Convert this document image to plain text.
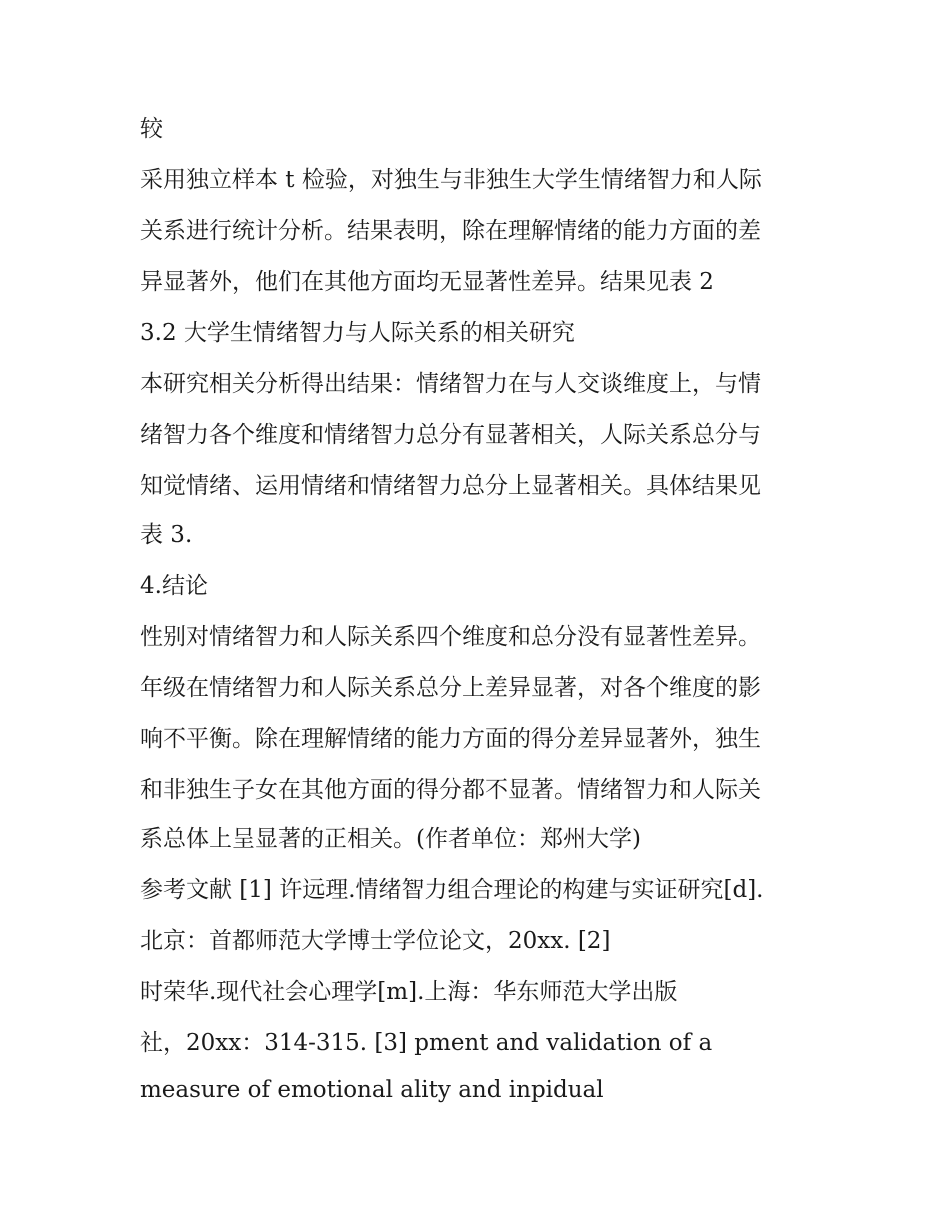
较
采用独立样本 t 检验，对独生与非独生大学生情绪智力和人际
关系进行统计分析。结果表明，除在理解情绪的能力方面的差
异显著外，他们在其他方面均无显著性差异。结果见表 2
3.2 大学生情绪智力与人际关系的相关研究
本研究相关分析得出结果：情绪智力在与人交谈维度上，与情
绪智力各个维度和情绪智力总分有显著相关，人际关系总分与
知觉情绪、运用情绪和情绪智力总分上显著相关。具体结果见
表 3.
4.结论
性别对情绪智力和人际关系四个维度和总分没有显著性差异。
年级在情绪智力和人际关系总分上差异显著，对各个维度的影
响不平衡。除在理解情绪的能力方面的得分差异显著外，独生
和非独生子女在其他方面的得分都不显著。情绪智力和人际关
系总体上呈显著的正相关。(作者单位：郑州大学)
参考文献 [1] 许远理.情绪智力组合理论的构建与实证研究[d].
北京：首都师范大学博士学位论文，20xx. [2]
时荣华.现代社会心理学[m].上海：华东师范大学出版
社，20xx：314-315. [3] pment and validation of a
measure of emotional ality and inpidual
